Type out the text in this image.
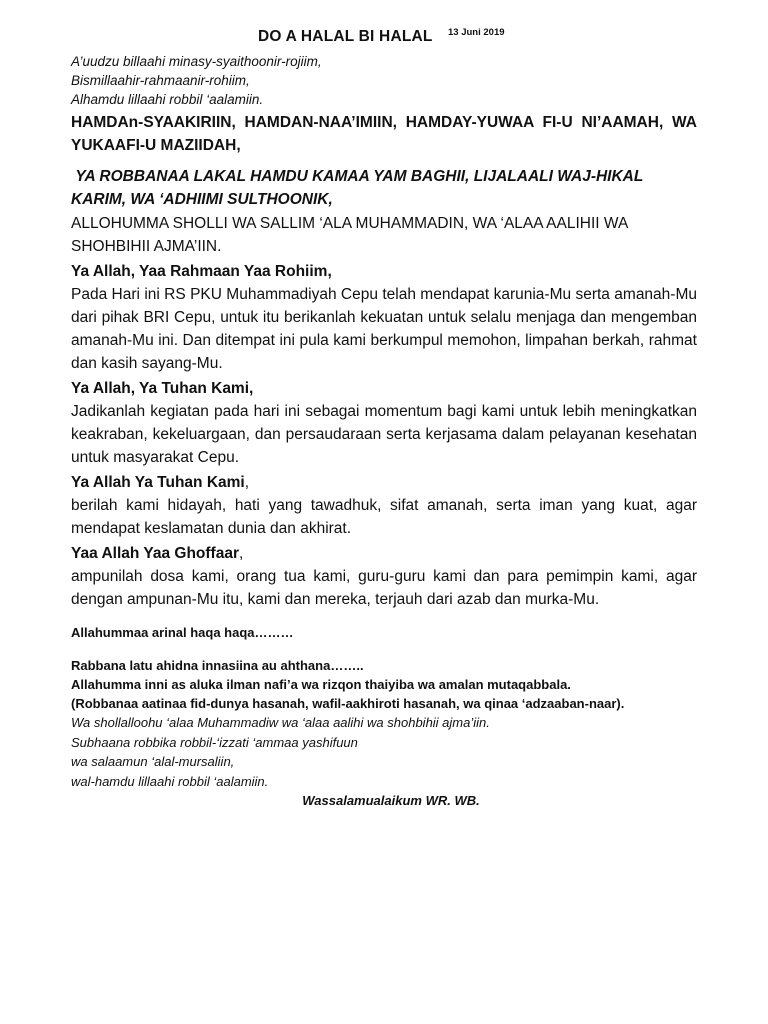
DO A HALAL BI HALAL 13 Juni 2019

A’uudzu billaahi minasy-syaithoonir-rojiim,

Bismillaahir-rahmaanir-rohiim,

Alhamdu lillaahi robbil ‘aalamiin.

HAMDAn-SYAAKIRIIN, HAMDAN-NAA’IMIIN, HAMDAY-YUWAA FI-U NI’AAMAH, WA YUKAAFI-U MAZIIDAH,

YA ROBBANAA LAKAL HAMDU KAMAA YAM BAGHII, LIJALAALI WAJ-HIKAL KARIM, WA ‘ADHIIMI SULTHOONIK,

ALLOHUMMA SHOLLI WA SALLIM ‘ALA MUHAMMADIN, WA ‘ALAA AALIHII WA SHOHBIHII AJMA’IIN.

Ya Allah, Yaa Rahmaan Yaa Rohiim,

Pada Hari ini RS PKU Muhammadiyah Cepu telah mendapat karunia-Mu serta amanah-Mu dari pihak BRI Cepu, untuk itu berikanlah kekuatan untuk selalu menjaga dan mengemban amanah-Mu ini. Dan ditempat ini pula kami berkumpul memohon, limpahan berkah, rahmat dan kasih sayang-Mu.

Ya Allah, Ya Tuhan Kami,

Jadikanlah kegiatan pada hari ini sebagai momentum bagi kami untuk lebih meningkatkan keakraban, kekeluargaan, dan persaudaraan serta kerjasama dalam pelayanan kesehatan untuk masyarakat Cepu.

Ya Allah Ya Tuhan Kami,

berilah kami hidayah, hati yang tawadhuk, sifat amanah, serta iman yang kuat, agar mendapat keslamatan dunia dan akhirat.

Yaa Allah Yaa Ghoffaar,

ampunilah dosa kami, orang tua kami, guru-guru kami dan para pemimpin kami, agar dengan ampunan-Mu itu, kami dan mereka, terjauh dari azab dan murka-Mu.

Allahummaa arinal haqa haqa………

Rabbana latu ahidna innasiina au ahthana……..

Allahumma inni as aluka ilman nafi’a wa rizqon thaiyiba wa amalan mutaqabbala.

(Robbanaa aatinaa fid-dunya hasanah, wafil-aakhiroti hasanah, wa qinaa ‘adzaaban-naar).

Wa shollalloohu ‘alaa Muhammadiw wa ‘alaa aalihi wa shohbihii ajma’iin.

Subhaana robbika robbil-‘izzati ‘ammaa yashifuun

wa salaamun ‘alal-mursaliin,

wal-hamdu lillaahi robbil ‘aalamiin.

Wassalamualaikum WR. WB.
